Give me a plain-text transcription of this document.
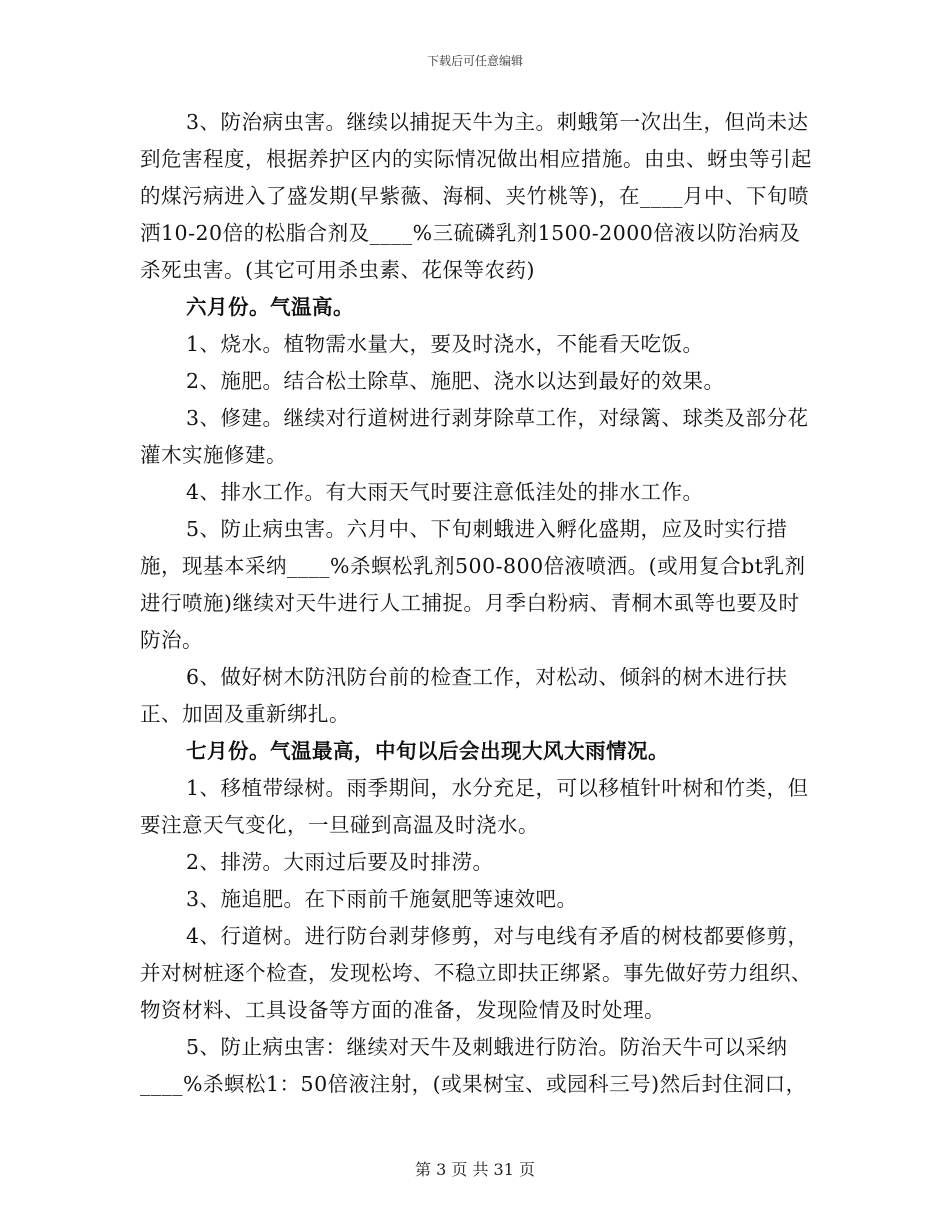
下载后可任意编辑

3、防治病虫害。继续以捕捉天牛为主。刺蛾第一次出生，但尚未达到危害程度，根据养护区内的实际情况做出相应措施。由虫、蚜虫等引起的煤污病进入了盛发期(早紫薇、海桐、夹竹桃等)，在____月中、下旬喷洒10-20倍的松脂合剂及____%三硫磷乳剂1500-2000倍液以防治病及杀死虫害。(其它可用杀虫素、花保等农药)

六月份。气温高。

1、烧水。植物需水量大，要及时浇水，不能看天吃饭。

2、施肥。结合松土除草、施肥、浇水以达到最好的效果。

3、修建。继续对行道树进行剥芽除草工作，对绿篱、球类及部分花灌木实施修建。

4、排水工作。有大雨天气时要注意低洼处的排水工作。

5、防止病虫害。六月中、下旬刺蛾进入孵化盛期，应及时实行措施，现基本采纳____%杀螟松乳剂500-800倍液喷洒。(或用复合bt乳剂进行喷施)继续对天牛进行人工捕捉。月季白粉病、青桐木虱等也要及时防治。

6、做好树木防汛防台前的检查工作，对松动、倾斜的树木进行扶正、加固及重新绑扎。

七月份。气温最高，中旬以后会出现大风大雨情况。

1、移植带绿树。雨季期间，水分充足，可以移植针叶树和竹类，但要注意天气变化，一旦碰到高温及时浇水。

2、排涝。大雨过后要及时排涝。

3、施追肥。在下雨前千施氨肥等速效吧。

4、行道树。进行防台剥芽修剪，对与电线有矛盾的树枝都要修剪，并对树桩逐个检查，发现松垮、不稳立即扶正绑紧。事先做好劳力组织、物资材料、工具设备等方面的准备，发现险情及时处理。

5、防止病虫害：继续对天牛及刺蛾进行防治。防治天牛可以采纳____%杀螟松1：50倍液注射，(或果树宝、或园科三号)然后封住洞口，

第 3 页 共 31 页
